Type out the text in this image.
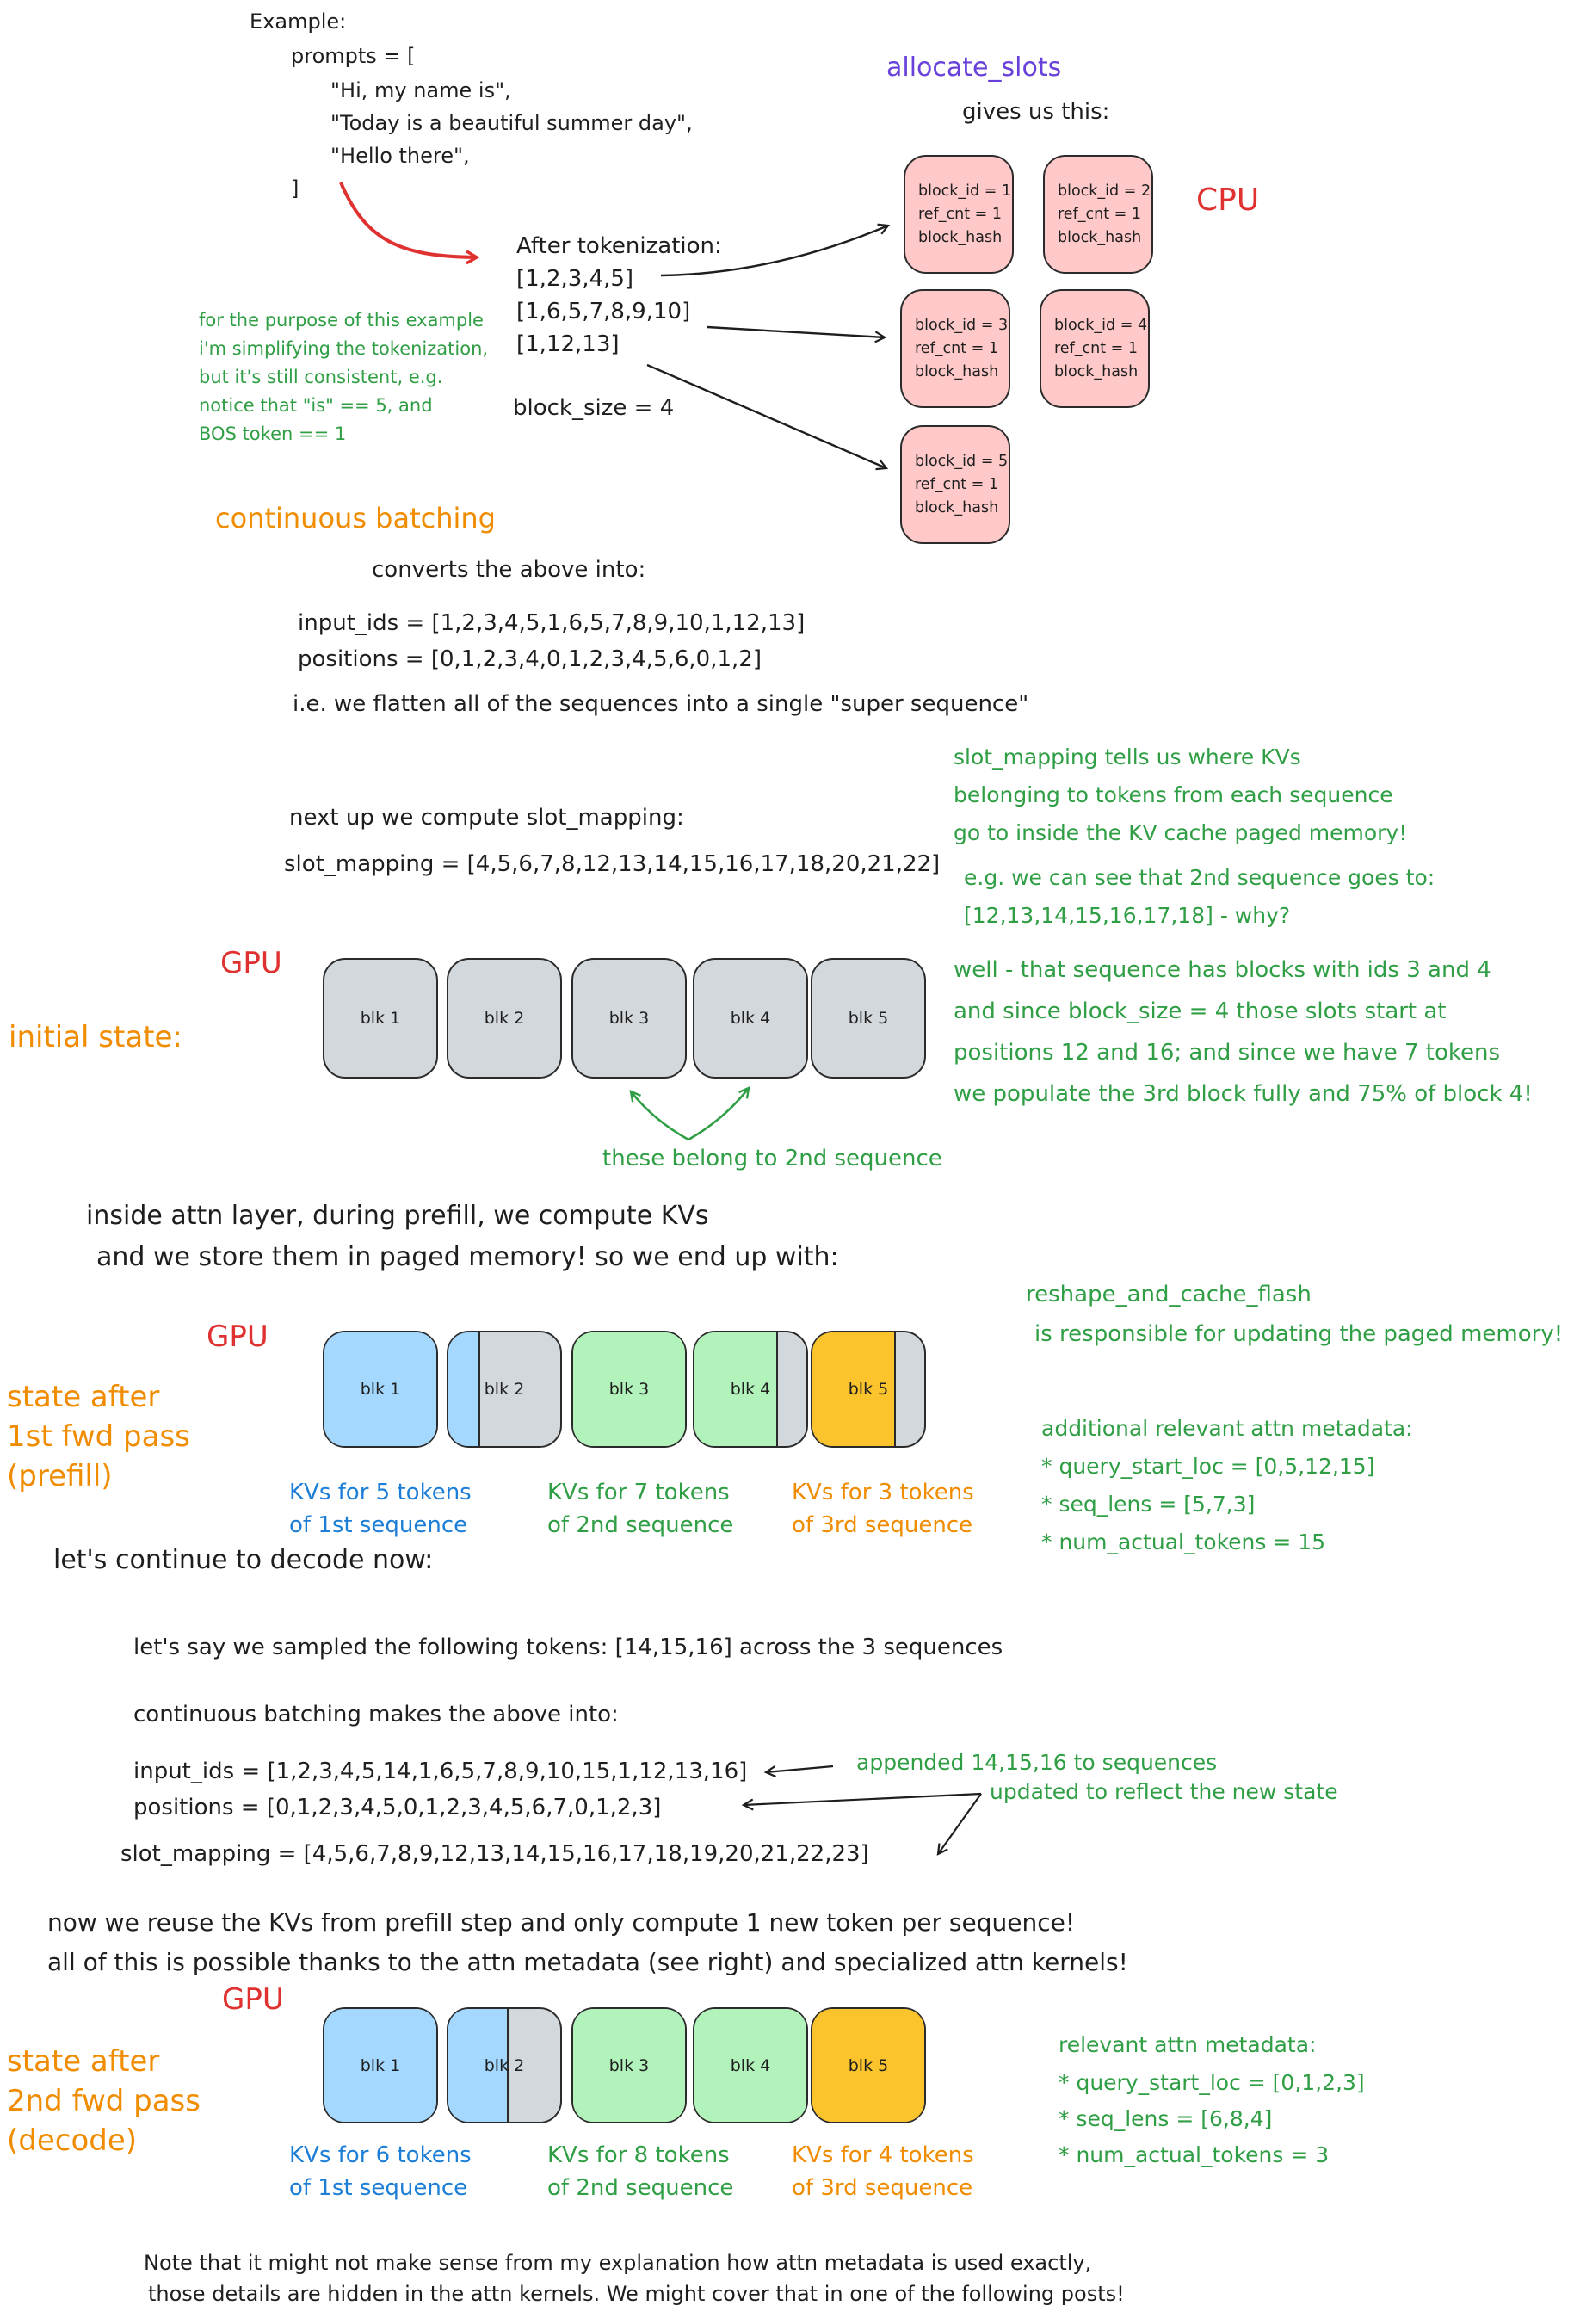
Example:
prompts = [
"Hi, my name is",
"Today is a beautiful summer day",
"Hello there",
]
allocate_slots
gives us this:
CPU
After tokenization:
[1,2,3,4,5]
[1,6,5,7,8,9,10]
[1,12,13]
block_size = 4
for the purpose of this example
i'm simplifying the tokenization,
but it's still consistent, e.g.
notice that "is" == 5, and
BOS token == 1
block_id = 1
ref_cnt = 1
block_hash
block_id = 2
ref_cnt = 1
block_hash
block_id = 3
ref_cnt = 1
block_hash
block_id = 4
ref_cnt = 1
block_hash
block_id = 5
ref_cnt = 1
block_hash
continuous batching
converts the above into:
input_ids = [1,2,3,4,5,1,6,5,7,8,9,10,1,12,13]
positions = [0,1,2,3,4,0,1,2,3,4,5,6,0,1,2]
i.e. we flatten all of the sequences into a single "super sequence"
next up we compute slot_mapping:
slot_mapping = [4,5,6,7,8,12,13,14,15,16,17,18,20,21,22]
slot_mapping tells us where KVs
belonging to tokens from each sequence
go to inside the KV cache paged memory!
e.g. we can see that 2nd sequence goes to:
[12,13,14,15,16,17,18] - why?
GPU
initial state:
blk 1	blk 2	blk 3	blk 4	blk 5
well - that sequence has blocks with ids 3 and 4
and since block_size = 4 those slots start at
positions 12 and 16; and since we have 7 tokens
we populate the 3rd block fully and 75% of block 4!
these belong to 2nd sequence
inside attn layer, during prefill, we compute KVs
and we store them in paged memory! so we end up with:
GPU
state after
1st fwd pass
(prefill)
blk 1	blk 2	blk 3	blk 4	blk 5
KVs for 5 tokens
of 1st sequence
KVs for 7 tokens
of 2nd sequence
KVs for 3 tokens
of 3rd sequence
reshape_and_cache_flash
is responsible for updating the paged memory!
additional relevant attn metadata:
* query_start_loc = [0,5,12,15]
* seq_lens = [5,7,3]
* num_actual_tokens = 15
let's continue to decode now:
let's say we sampled the following tokens: [14,15,16] across the 3 sequences
continuous batching makes the above into:
input_ids = [1,2,3,4,5,14,1,6,5,7,8,9,10,15,1,12,13,16]
positions = [0,1,2,3,4,5,0,1,2,3,4,5,6,7,0,1,2,3]
slot_mapping = [4,5,6,7,8,9,12,13,14,15,16,17,18,19,20,21,22,23]
appended 14,15,16 to sequences
updated to reflect the new state
now we reuse the KVs from prefill step and only compute 1 new token per sequence!
all of this is possible thanks to the attn metadata (see right) and specialized attn kernels!
GPU
state after
2nd fwd pass
(decode)
blk 1	blk 2	blk 3	blk 4	blk 5
KVs for 6 tokens
of 1st sequence
KVs for 8 tokens
of 2nd sequence
KVs for 4 tokens
of 3rd sequence
relevant attn metadata:
* query_start_loc = [0,1,2,3]
* seq_lens = [6,8,4]
* num_actual_tokens = 3
Note that it might not make sense from my explanation how attn metadata is used exactly,
those details are hidden in the attn kernels. We might cover that in one of the following posts!
